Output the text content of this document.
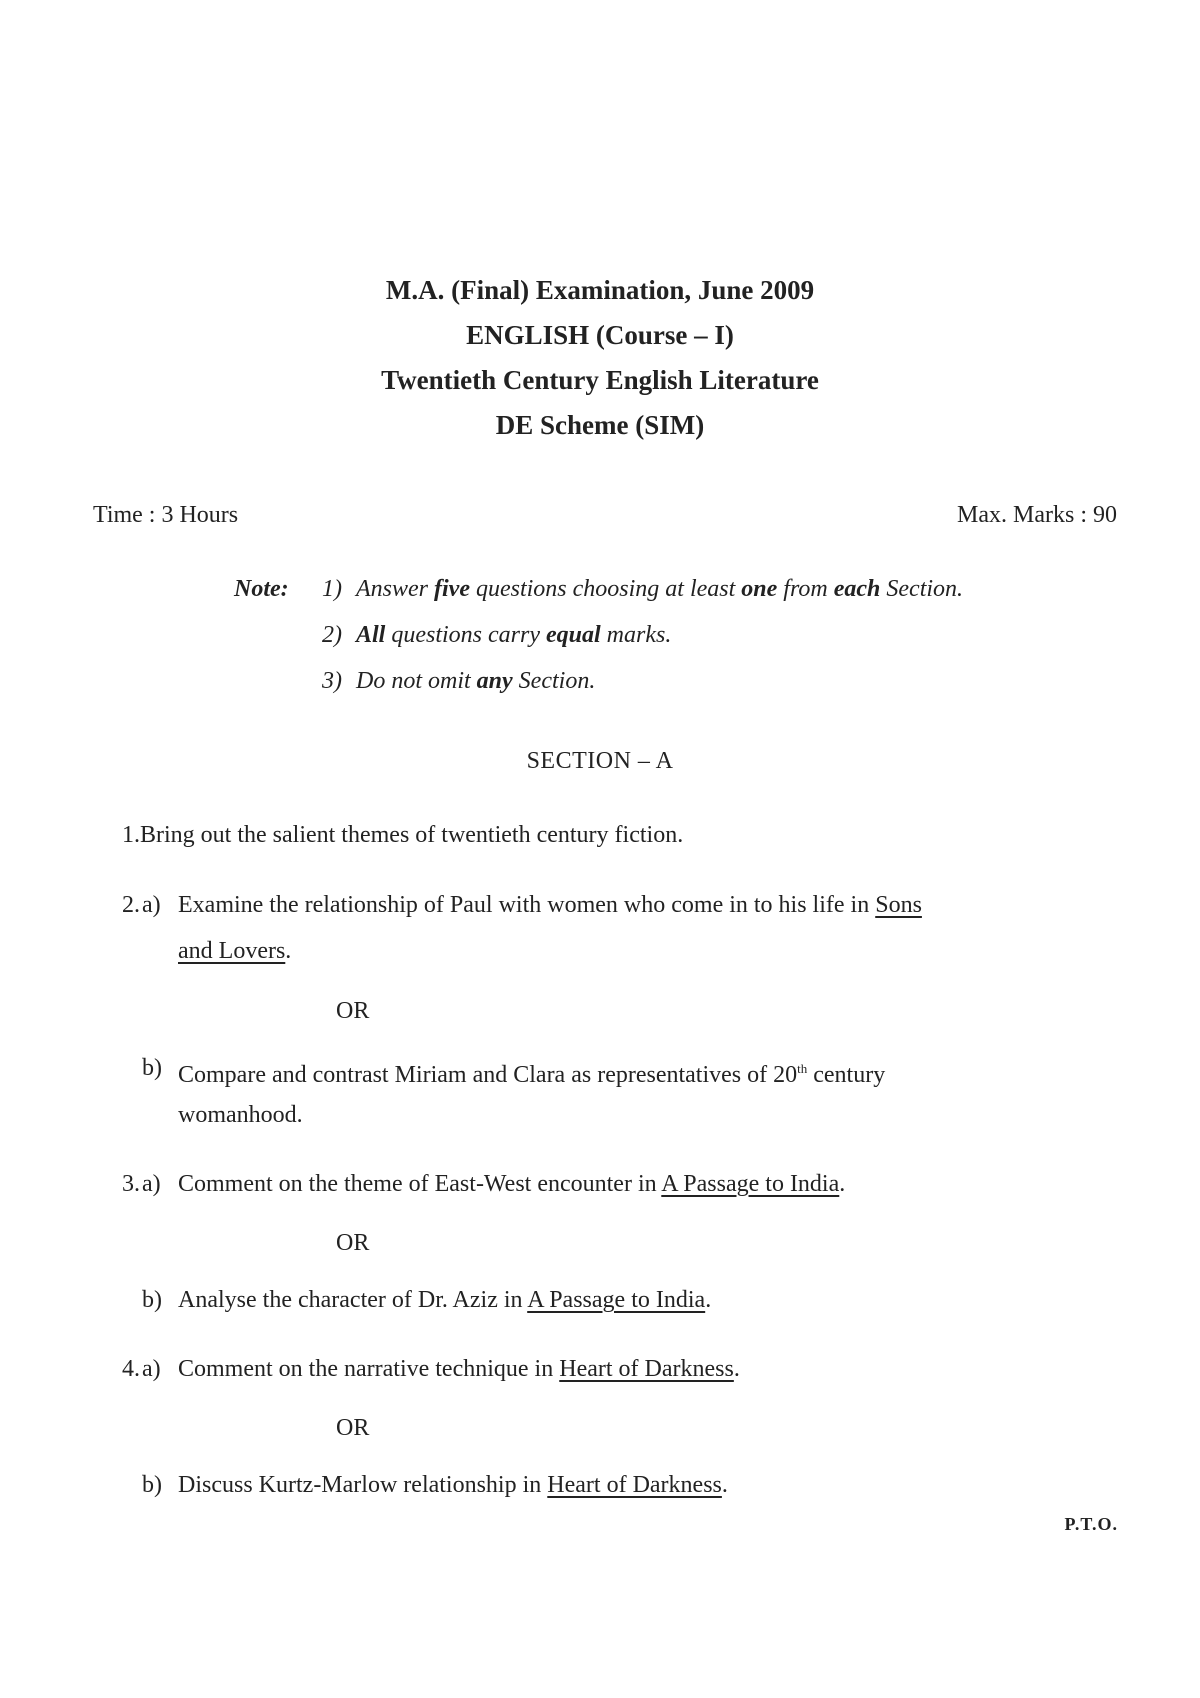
M.A. (Final) Examination, June 2009
ENGLISH (Course – I)
Twentieth Century English Literature
DE Scheme (SIM)
Time : 3 Hours	Max. Marks : 90
Note:	1) Answer five questions choosing at least one from each Section.
2) All questions carry equal marks.
3) Do not omit any Section.
SECTION – A
1. Bring out the salient themes of twentieth century fiction.
2. a) Examine the relationship of Paul with women who come in to his life in Sons
and Lovers.
OR
b) Compare and contrast Miriam and Clara as representatives of 20th century
womanhood.
3. a) Comment on the theme of East-West encounter in A Passage to India.
OR
b) Analyse the character of Dr. Aziz in A Passage to India.
4. a) Comment on the narrative technique in Heart of Darkness.
OR
b) Discuss Kurtz-Marlow relationship in Heart of Darkness.
P.T.O.
